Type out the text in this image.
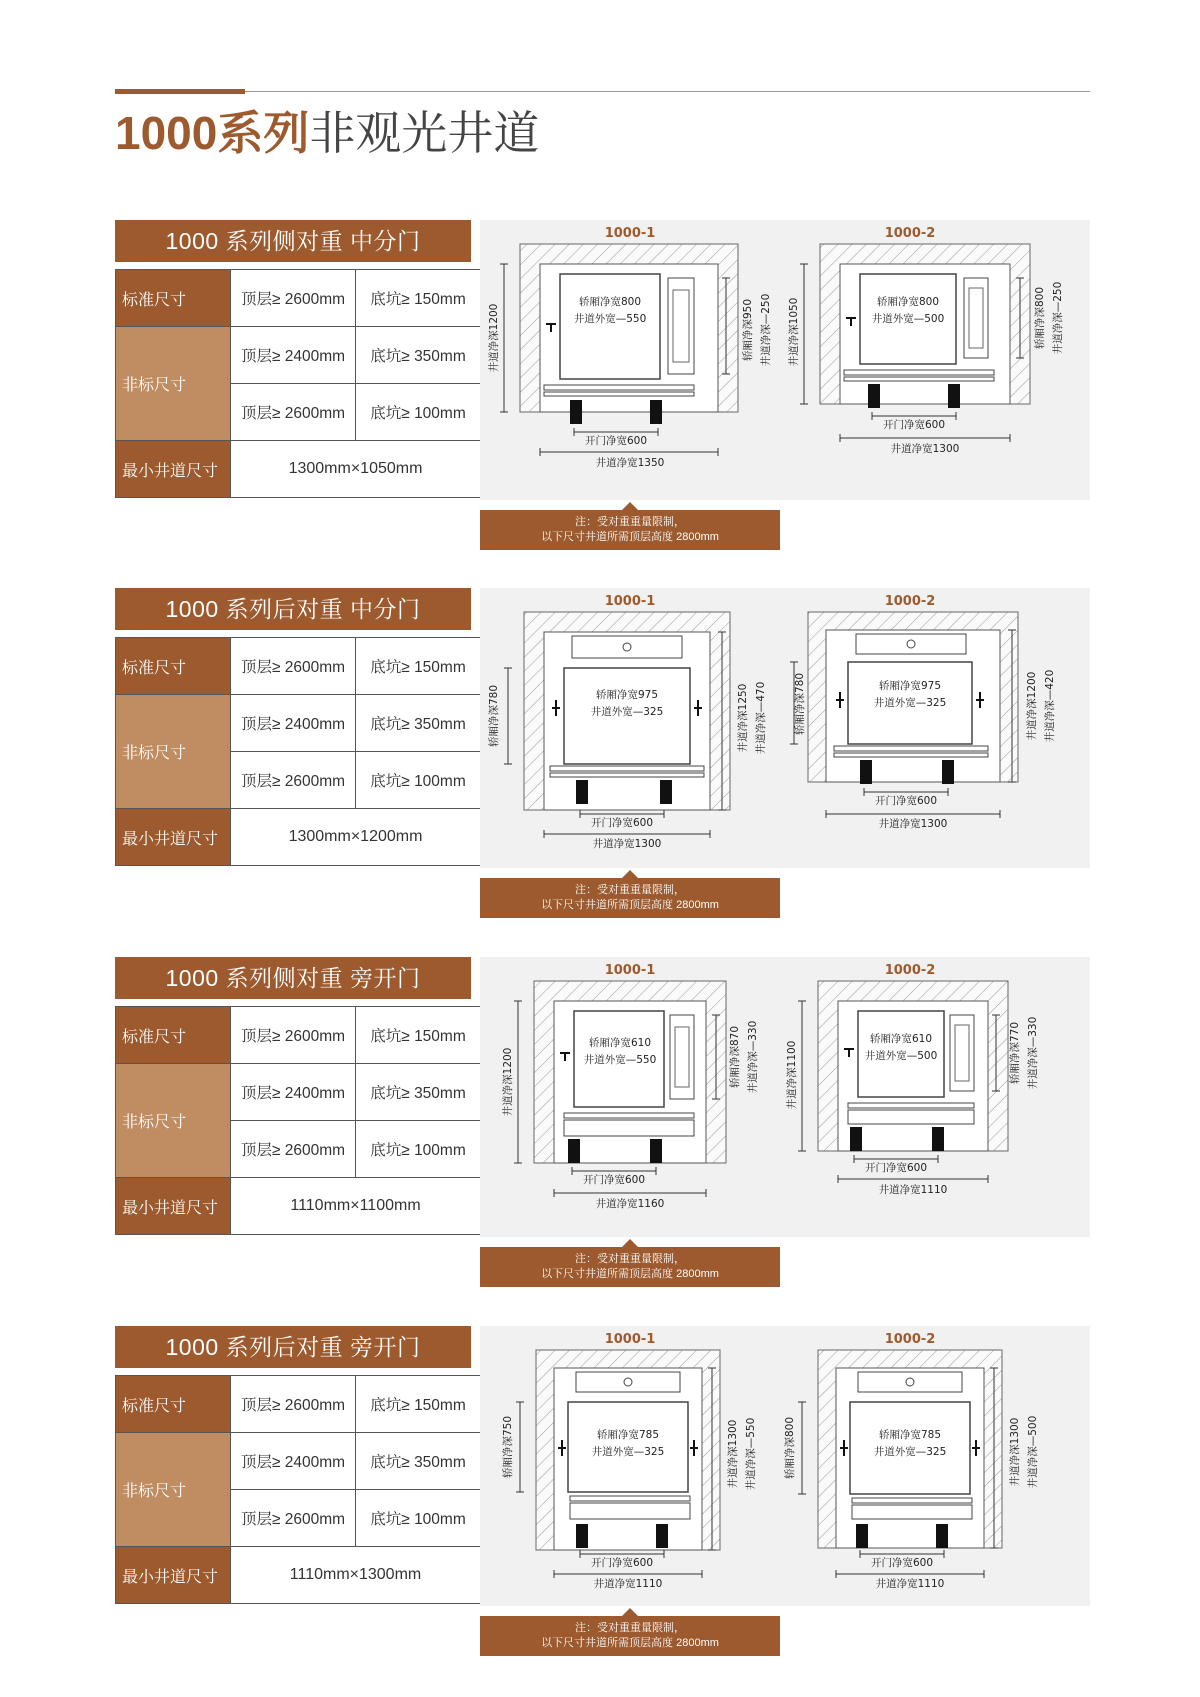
1000系列非观光井道
1000 系列侧对重 中分门
标准尺寸	顶层≥ 2600mm	底坑≥ 150mm
非标尺寸	顶层≥ 2400mm	底坑≥ 350mm
	顶层≥ 2600mm	底坑≥ 100mm
最小井道尺寸	1300mm×1050mm	
1000-1
轿厢净宽800
井道外宽—550
开门净宽600
井道净宽1350
井道净深1200	轿厢净深950 井道净深—250
1000-2
轿厢净宽800
井道外宽—500
开门净宽600
井道净宽1300
井道净深1050	轿厢净深800 井道净深—250
注：受对重重量限制，
以下尺寸井道所需顶层高度 2800mm
1000 系列后对重 中分门
标准尺寸	顶层≥ 2600mm	底坑≥ 150mm
非标尺寸	顶层≥ 2400mm	底坑≥ 350mm
	顶层≥ 2600mm	底坑≥ 100mm
最小井道尺寸	1300mm×1200mm	
1000-1
轿厢净宽975
井道外宽—325
开门净宽600
井道净宽1300
轿厢净深780	井道净深1250 井道净深—470
1000-2
轿厢净宽975
井道外宽—325
开门净宽600
井道净宽1300
轿厢净深780	井道净深1200 井道净深—420
注：受对重重量限制，
以下尺寸井道所需顶层高度 2800mm
1000 系列侧对重 旁开门
标准尺寸	顶层≥ 2600mm	底坑≥ 150mm
非标尺寸	顶层≥ 2400mm	底坑≥ 350mm
	顶层≥ 2600mm	底坑≥ 100mm
最小井道尺寸	1110mm×1100mm	
1000-1
轿厢净宽610
井道外宽—550
开门净宽600
井道净宽1160
井道净深1200	轿厢净深870 井道净深—330
1000-2
轿厢净宽610
井道外宽—500
开门净宽600
井道净宽1110
井道净深1100	轿厢净深770 井道净深—330
注：受对重重量限制，
以下尺寸井道所需顶层高度 2800mm
1000 系列后对重 旁开门
标准尺寸	顶层≥ 2600mm	底坑≥ 150mm
非标尺寸	顶层≥ 2400mm	底坑≥ 350mm
	顶层≥ 2600mm	底坑≥ 100mm
最小井道尺寸	1110mm×1300mm	
1000-1
轿厢净宽785
井道外宽—325
开门净宽600
井道净宽1110
轿厢净深750	井道净深1300 井道净深—550
1000-2
轿厢净宽785
井道外宽—325
开门净宽600
井道净宽1110
轿厢净深800	井道净深1300 井道净深—500
注：受对重重量限制，
以下尺寸井道所需顶层高度 2800mm
